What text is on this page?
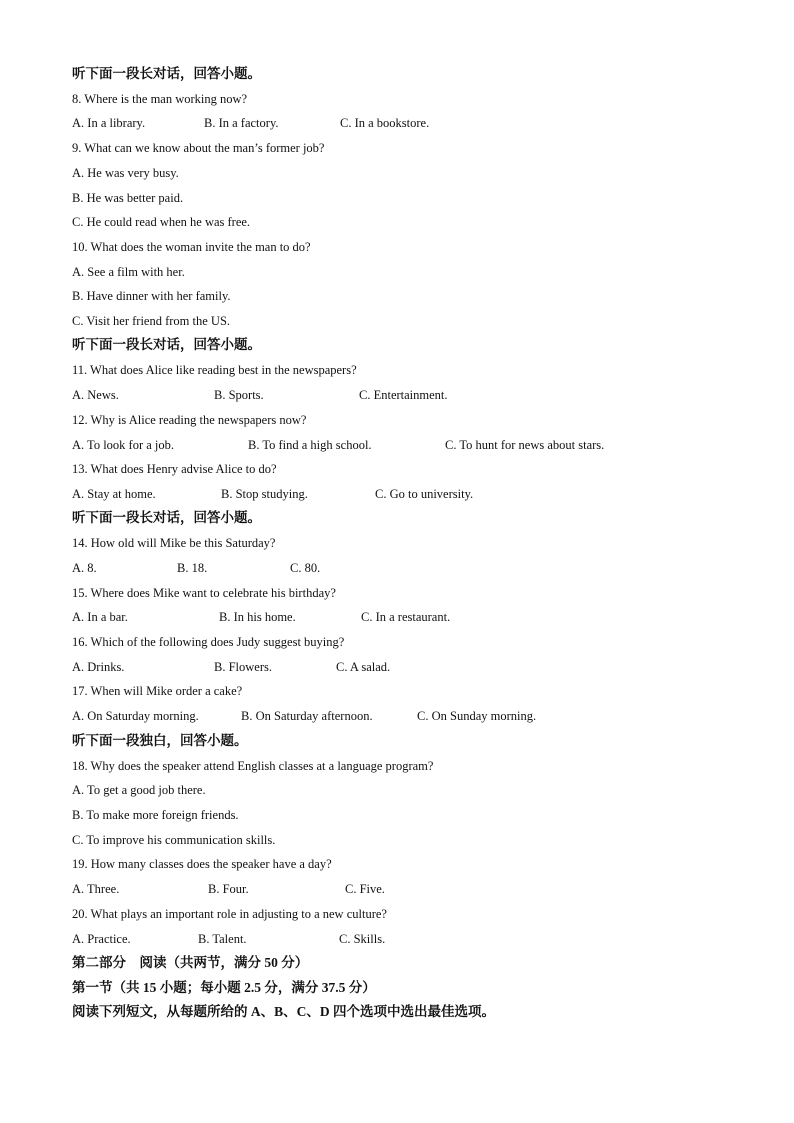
听下面一段长对话，回答小题。
8. Where is the man working now?
A. In a library.	B. In a factory.	C. In a bookstore.
9. What can we know about the man’s former job?
A. He was very busy.
B. He was better paid.
C. He could read when he was free.
10. What does the woman invite the man to do?
A. See a film with her.
B. Have dinner with her family.
C. Visit her friend from the US.
听下面一段长对话，回答小题。
11. What does Alice like reading best in the newspapers?
A. News.	B. Sports.	C. Entertainment.
12. Why is Alice reading the newspapers now?
A. To look for a job.	B. To find a high school.	C. To hunt for news about stars.
13. What does Henry advise Alice to do?
A. Stay at home.	B. Stop studying.	C. Go to university.
听下面一段长对话，回答小题。
14. How old will Mike be this Saturday?
A. 8.	B. 18.	C. 80.
15. Where does Mike want to celebrate his birthday?
A. In a bar.	B. In his home.	C. In a restaurant.
16. Which of the following does Judy suggest buying?
A. Drinks.	B. Flowers.	C. A salad.
17. When will Mike order a cake?
A. On Saturday morning.	B. On Saturday afternoon.	C. On Sunday morning.
听下面一段独白，回答小题。
18. Why does the speaker attend English classes at a language program?
A. To get a good job there.
B. To make more foreign friends.
C. To improve his communication skills.
19. How many classes does the speaker have a day?
A. Three.	B. Four.	C. Five.
20. What plays an important role in adjusting to a new culture?
A. Practice.	B. Talent.	C. Skills.
第二部分　阅读（共两节，满分 50 分）
第一节（共 15 小题；每小题 2.5 分，满分 37.5 分）
阅读下列短文，从每题所给的 A、B、C、D 四个选项中选出最佳选项。
